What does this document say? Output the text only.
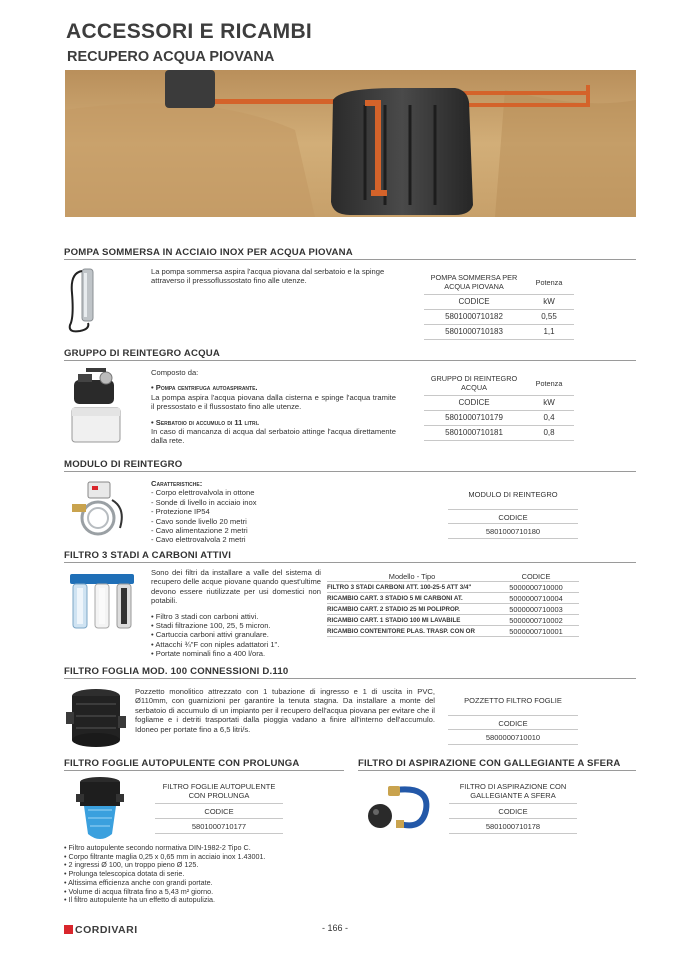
ACCESSORI E RICAMBI
RECUPERO ACQUA PIOVANA
POMPA SOMMERSA IN ACCIAIO INOX PER ACQUA PIOVANA
La pompa sommersa aspira l'acqua piovana dal serbatoio e la spinge attraverso il pressoflussostato fino alle utenze.	POMPA SOMMERSA PER ACQUA PIOVANA	Potenza
CODICE	kW
5801000710182	0,55
5801000710183	1,1
GRUPPO DI REINTEGRO ACQUA
Composto da:
• Pompa centrifuga autoaspirante.
La pompa aspira l'acqua piovana dalla cisterna e spinge l'acqua tramite il pressostato e il flussostato fino alle utenze.
• Serbatoio di accumulo di 11 litri.
In caso di mancanza di acqua dal serbatoio attinge l'acqua direttamente dalla rete.
GRUPPO DI REINTEGRO ACQUA	Potenza
CODICE	kW
5801000710179	0,4
5801000710181	0,8
MODULO DI REINTEGRO
Caratteristiche:
- Corpo elettrovalvola in ottone
- Sonde di livello in acciaio inox
- Protezione IP54
- Cavo sonde livello 20 metri
- Cavo alimentazione 2 metri
- Cavo elettrovalvola 2 metri
MODULO DI REINTEGRO
CODICE
5801000710180
FILTRO 3 STADI A CARBONI ATTIVI
Sono dei filtri da installare a valle del sistema di recupero delle acque piovane quando quest'ultime devono essere riutilizzate per usi domestici non potabili.
• Filtro 3 stadi con carboni attivi.
• Stadi filtrazione 100, 25, 5 micron.
• Cartuccia carboni attivi granulare.
• Attacchi ¾"F con niples adattatori 1".
• Portate nominali fino a 400 l/ora.
Modello - Tipo	CODICE
FILTRO 3 STADI CARBONI ATT. 100-25-5 ATT 3/4"	5000000710000
RICAMBIO CART. 3 STADIO 5 MI CARBONI AT.	5000000710004
RICAMBIO CART. 2 STADIO 25 MI POLIPROP.	5000000710003
RICAMBIO CART. 1 STADIO 100 MI LAVABILE	5000000710002
RICAMBIO CONTENITORE PLAS. TRASP. CON OR	5000000710001
FILTRO FOGLIA MOD. 100 CONNESSIONI D.110
Pozzetto monolitico attrezzato con 1 tubazione di ingresso e 1 di uscita in PVC, Ø110mm, con guarnizioni per garantire la tenuta stagna. Da installare a monte del serbatoio di accumulo di un impianto per il recupero dell'acqua piovana per evitare che il fogliame e i detriti trasportati dalla pioggia vadano a finire all'interno dell'accumulo. Idoneo per portate fino a 6,5 litri/s.
POZZETTO FILTRO FOGLIE
CODICE
5800000710010
FILTRO FOGLIE AUTOPULENTE CON PROLUNGA
FILTRO FOGLIE AUTOPULENTE CON PROLUNGA
CODICE
5801000710177
• Filtro autopulente secondo normativa DIN-1982-2 Tipo C.
• Corpo filtrante maglia 0,25 x 0,65 mm in acciaio inox 1.43001.
• 2 ingressi Ø 100, un troppo pieno Ø 125.
• Prolunga telescopica dotata di serie.
• Altissima efficienza anche con grandi portate.
• Volume di acqua filtrata fino a 5,43 m² giorno.
• Il filtro autopulente ha un effetto di autopulizia.
FILTRO DI ASPIRAZIONE CON GALLEGIANTE A SFERA
FILTRO DI ASPIRAZIONE CON GALLEGIANTE A SFERA
CODICE
5801000710178
CORDIVARI	- 166 -
